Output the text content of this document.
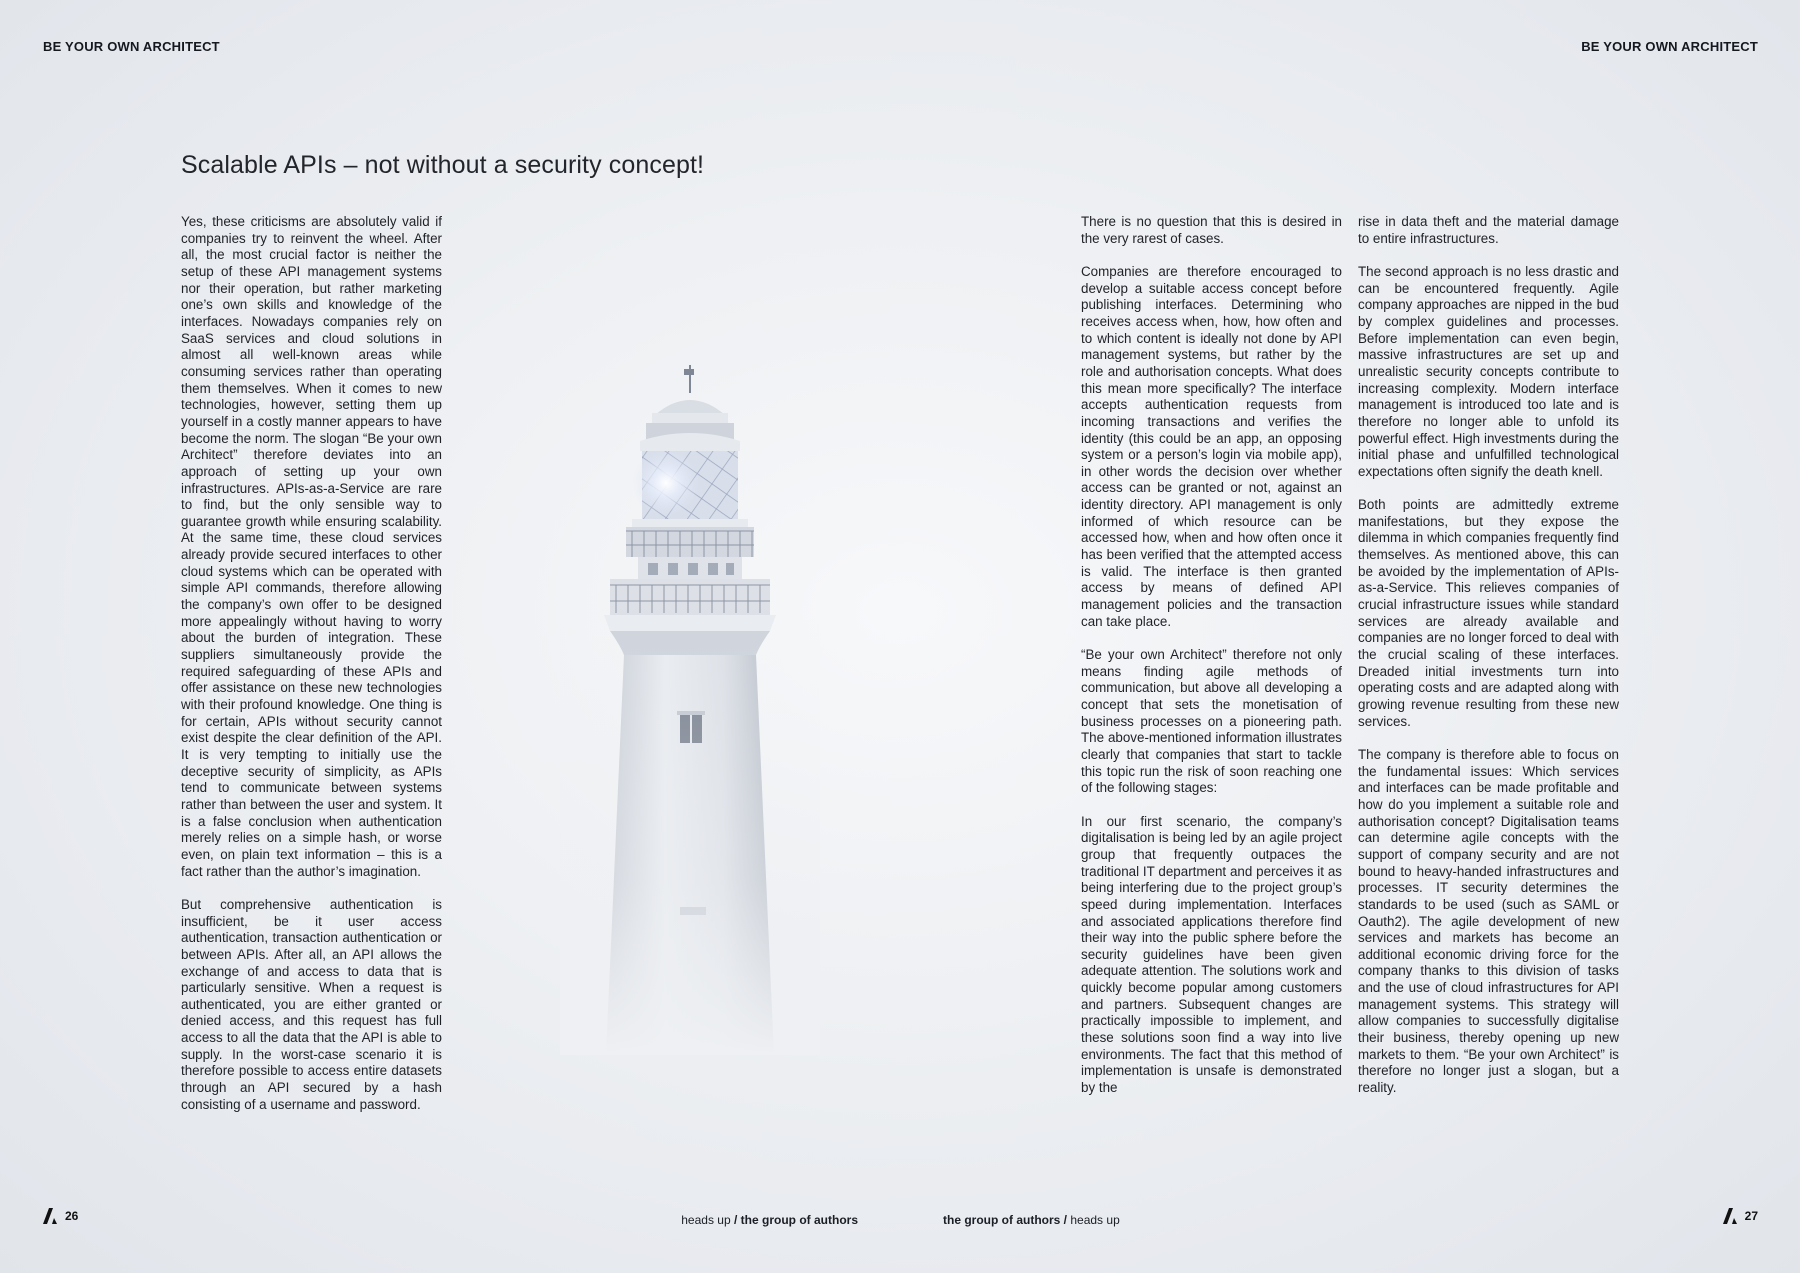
BE YOUR OWN ARCHITECT
Scalable APIs – not without a security concept!

Yes, these criticisms are absolutely valid if companies try to reinvent the wheel. After all, the most crucial factor is neither the setup of these API management systems nor their operation, but rather marketing one’s own skills and knowledge of the interfaces. Nowadays companies rely on SaaS services and cloud solutions in almost all well-known areas while consuming services rather than operating them themselves. When it comes to new technologies, however, setting them up yourself in a costly manner appears to have become the norm. The slogan “Be your own Architect” therefore deviates into an approach of setting up your own infrastructures. APIs-as-a-Service are rare to find, but the only sensible way to guarantee growth while ensuring scalability. At the same time, these cloud services already provide secured interfaces to other cloud systems which can be operated with simple API commands, therefore allowing the company’s own offer to be designed more appealingly without having to worry about the burden of integration. These suppliers simultaneously provide the required safeguarding of these APIs and offer assistance on these new technologies with their profound knowledge. One thing is for certain, APIs without security cannot exist despite the clear definition of the API. It is very tempting to initially use the deceptive security of simplicity, as APIs tend to communicate between systems rather than between the user and system. It is a false conclusion when authentication merely relies on a simple hash, or worse even, on plain text information – this is a fact rather than the author’s imagination.

But comprehensive authentication is insufficient, be it user access authentication, transaction authentication or between APIs. After all, an API allows the exchange of and access to data that is particularly sensitive. When a request is authenticated, you are either granted or denied access, and this request has full access to all the data that the API is able to supply. In the worst-case scenario it is therefore possible to access entire datasets through an API secured by a hash consisting of a username and password.

26	heads up / the group of authors
BE YOUR OWN ARCHITECT

There is no question that this is desired in the very rarest of cases.

Companies are therefore encouraged to develop a suitable access concept before publishing interfaces. Determining who receives access when, how, how often and to which content is ideally not done by API management systems, but rather by the role and authorisation concepts. What does this mean more specifically? The interface accepts authentication requests from incoming transactions and verifies the identity (this could be an app, an opposing system or a person’s login via mobile app), in other words the decision over whether access can be granted or not, against an identity directory. API management is only informed of which resource can be accessed how, when and how often once it has been verified that the attempted access is valid. The interface is then granted access by means of defined API management policies and the transaction can take place.

“Be your own Architect” therefore not only means finding agile methods of communication, but above all developing a concept that sets the monetisation of business processes on a pioneering path. The above-mentioned information illustrates clearly that companies that start to tackle this topic run the risk of soon reaching one of the following stages:

In our first scenario, the company’s digitalisation is being led by an agile project group that frequently outpaces the traditional IT department and perceives it as being interfering due to the project group’s speed during implementation. Interfaces and associated applications therefore find their way into the public sphere before the security guidelines have been given adequate attention. The solutions work and quickly become popular among customers and partners. Subsequent changes are practically impossible to implement, and these solutions soon find a way into live environments. The fact that this method of implementation is unsafe is demonstrated by the

rise in data theft and the material damage to entire infrastructures.

The second approach is no less drastic and can be encountered frequently. Agile company approaches are nipped in the bud by complex guidelines and processes. Before implementation can even begin, massive infrastructures are set up and unrealistic security concepts contribute to increasing complexity. Modern interface management is introduced too late and is therefore no longer able to unfold its powerful effect. High investments during the initial phase and unfulfilled technological expectations often signify the death knell.

Both points are admittedly extreme manifestations, but they expose the dilemma in which companies frequently find themselves. As mentioned above, this can be avoided by the implementation of APIs-as-a-Service. This relieves companies of crucial infrastructure issues while standard services are already available and companies are no longer forced to deal with the crucial scaling of these interfaces. Dreaded initial investments turn into operating costs and are adapted along with growing revenue resulting from these new services.

The company is therefore able to focus on the fundamental issues: Which services and interfaces can be made profitable and how do you implement a suitable role and authorisation concept? Digitalisation teams can determine agile concepts with the support of company security and are not bound to heavy-handed infrastructures and processes. IT security determines the standards to be used (such as SAML or Oauth2). The agile development of new services and markets has become an additional economic driving force for the company thanks to this division of tasks and the use of cloud infrastructures for API management systems. This strategy will allow companies to successfully digitalise their business, thereby opening up new markets to them. “Be your own Architect” is therefore no longer just a slogan, but a reality.

the group of authors / heads up	27
